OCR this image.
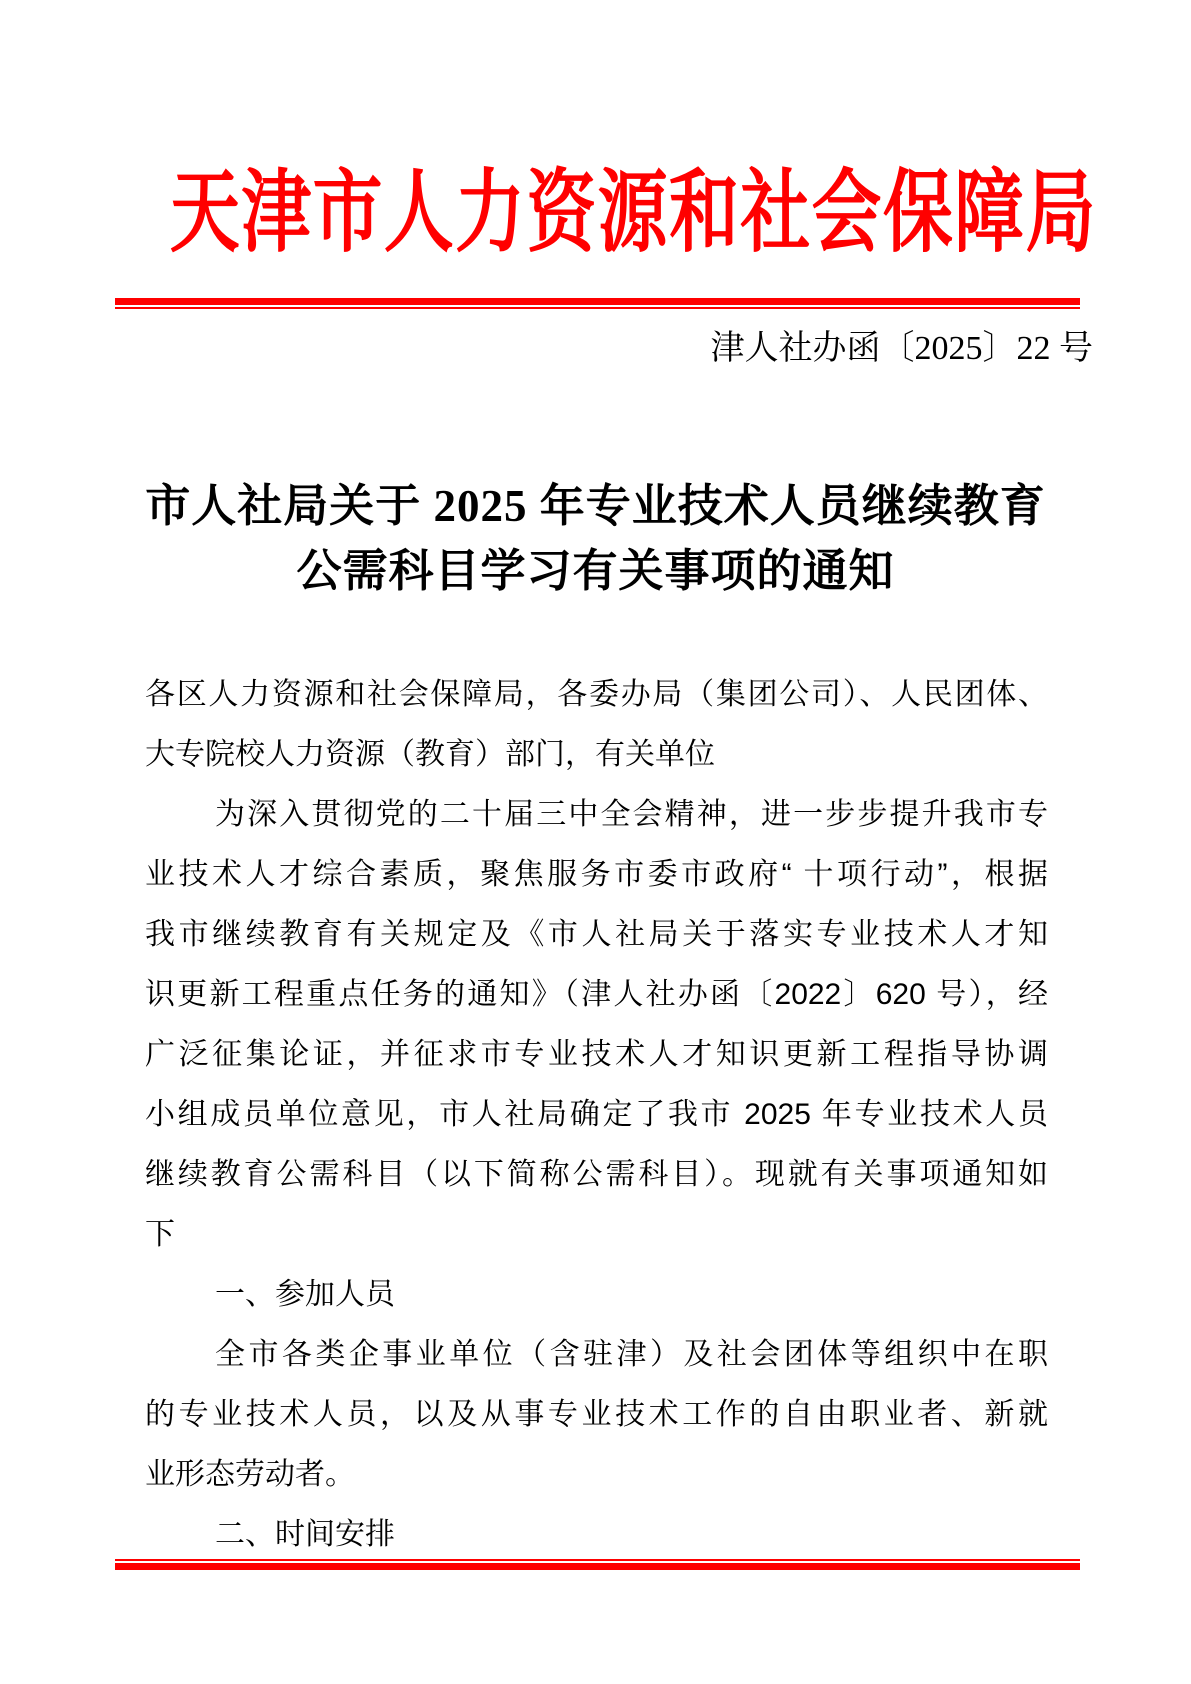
天津市人力资源和社会保障局
津人社办函〔2025〕22 号
市人社局关于 2025 年专业技术人员继续教育
公需科目学习有关事项的通知
各区人力资源和社会保障局，各委办局（集团公司）、人民团体、
大专院校人力资源（教育）部门，有关单位
为深入贯彻党的二十届三中全会精神，进一步步提升我市专
业技术人才综合素质，聚焦服务市委市政府“ 十项行动”，根据
我市继续教育有关规定及《市人社局关于落实专业技术人才知
识更新工程重点任务的通知》（津人社办函〔2022〕620 号），经
广泛征集论证，并征求市专业技术人才知识更新工程指导协调
小组成员单位意见，市人社局确定了我市 2025 年专业技术人员
继续教育公需科目（以下简称公需科目）。现就有关事项通知如
下
一、参加人员
全市各类企事业单位（含驻津）及社会团体等组织中在职
的专业技术人员，以及从事专业技术工作的自由职业者、新就
业形态劳动者。
二、时间安排
